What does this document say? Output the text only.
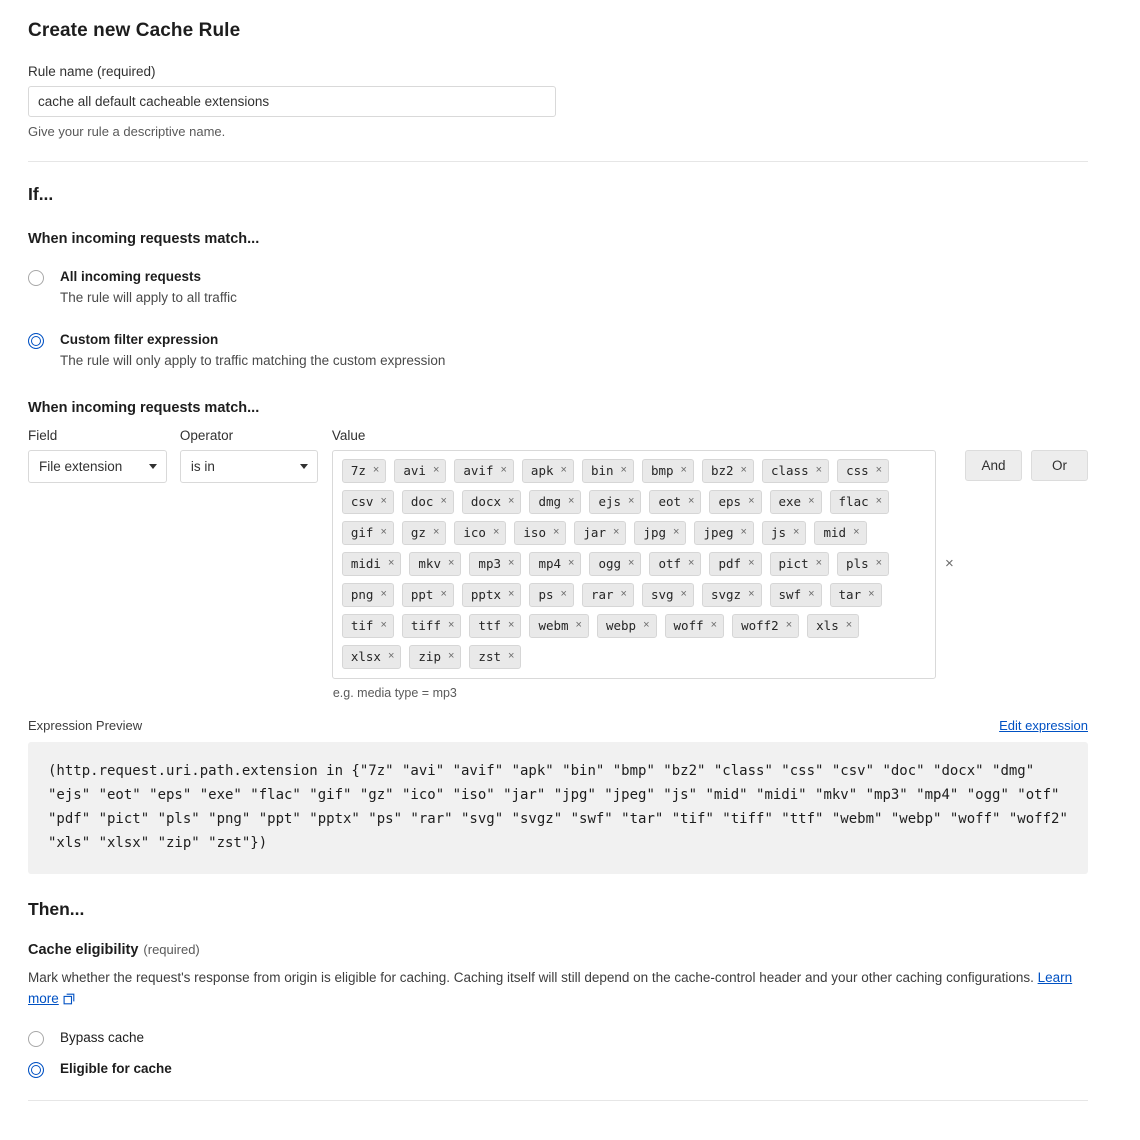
Create new Cache Rule
Rule name (required)
cache all default cacheable extensions
Give your rule a descriptive name.
If...
When incoming requests match...
All incoming requests
The rule will apply to all traffic
Custom filter expression
The rule will only apply to traffic matching the custom expression
When incoming requests match...
Field
File extension
Operator
is in
Value
7z × avi × avif × apk × bin × bmp × bz2 × class × css ×
csv × doc × docx × dmg × ejs × eot × eps × exe × flac ×
gif × gz × ico × iso × jar × jpg × jpeg × js × mid ×
midi × mkv × mp3 × mp4 × ogg × otf × pdf × pict × pls ×
png × ppt × pptx × ps × rar × svg × svgz × swf × tar ×
tif × tiff × ttf × webm × webp × woff × woff2 × xls ×
xlsx × zip × zst ×
e.g. media type = mp3
×
And	Or
Expression Preview	Edit expression
(http.request.uri.path.extension in {"7z" "avi" "avif" "apk" "bin" "bmp" "bz2" "class" "css" "csv" "doc" "docx" "dmg" "ejs" "eot" "eps" "exe" "flac" "gif" "gz" "ico" "iso" "jar" "jpg" "jpeg" "js" "mid" "midi" "mkv" "mp3" "mp4" "ogg" "otf" "pdf" "pict" "pls" "png" "ppt" "pptx" "ps" "rar" "svg" "svgz" "swf" "tar" "tif" "tiff" "ttf" "webm" "webp" "woff" "woff2" "xls" "xlsx" "zip" "zst"})
Then...
Cache eligibility (required)
Mark whether the request's response from origin is eligible for caching. Caching itself will still depend on the cache-control header and your other caching configurations. Learn more
Bypass cache
Eligible for cache
